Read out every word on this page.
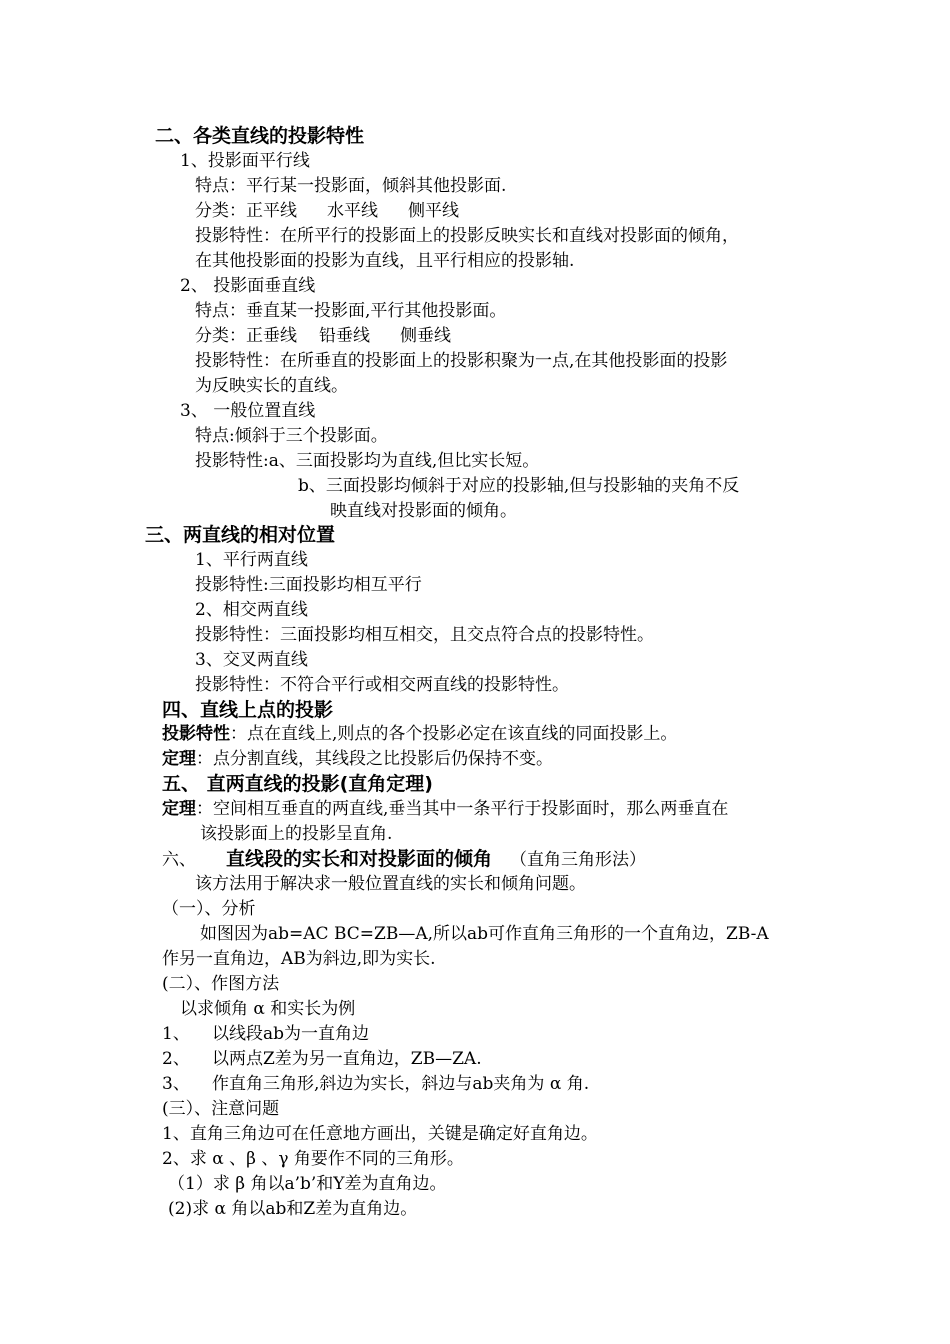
二、各类直线的投影特性
1、投影面平行线
特点：平行某一投影面，倾斜其他投影面.
分类：正平线 水平线 侧平线
投影特性：在所平行的投影面上的投影反映实长和直线对投影面的倾角，
在其他投影面的投影为直线，且平行相应的投影轴.
2、 投影面垂直线
特点：垂直某一投影面,平行其他投影面。
分类：正垂线 铅垂线 侧垂线
投影特性：在所垂直的投影面上的投影积聚为一点,在其他投影面的投影
为反映实长的直线。
3、 一般位置直线
特点:倾斜于三个投影面。
投影特性:a、三面投影均为直线,但比实长短。
b、三面投影均倾斜于对应的投影轴,但与投影轴的夹角不反
映直线对投影面的倾角。
三、两直线的相对位置
1、平行两直线
投影特性:三面投影均相互平行
2、相交两直线
投影特性：三面投影均相互相交，且交点符合点的投影特性。
3、交叉两直线
投影特性：不符合平行或相交两直线的投影特性。
四、直线上点的投影
投影特性：点在直线上,则点的各个投影必定在该直线的同面投影上。
定理：点分割直线，其线段之比投影后仍保持不变。
五、 直两直线的投影(直角定理)
定理：空间相互垂直的两直线,垂当其中一条平行于投影面时，那么两垂直在
该投影面上的投影呈直角.
六、 直线段的实长和对投影面的倾角 （直角三角形法）
该方法用于解决求一般位置直线的实长和倾角问题。
（一）、分析
如图因为ab=AC BC=ZB—A,所以ab可作直角三角形的一个直角边，ZB-A
作另一直角边，AB为斜边,即为实长.
(二）、作图方法
以求倾角 α 和实长为例
1、 以线段ab为一直角边
2、 以两点Z差为另一直角边，ZB—ZA.
3、 作直角三角形,斜边为实长，斜边与ab夹角为 α 角.
(三）、注意问题
1、直角三角边可在任意地方画出，关键是确定好直角边。
2、求 α 、β 、γ 角要作不同的三角形。
（1）求 β 角以a’b’和Y差为直角边。
(2)求 α 角以ab和Z差为直角边。
